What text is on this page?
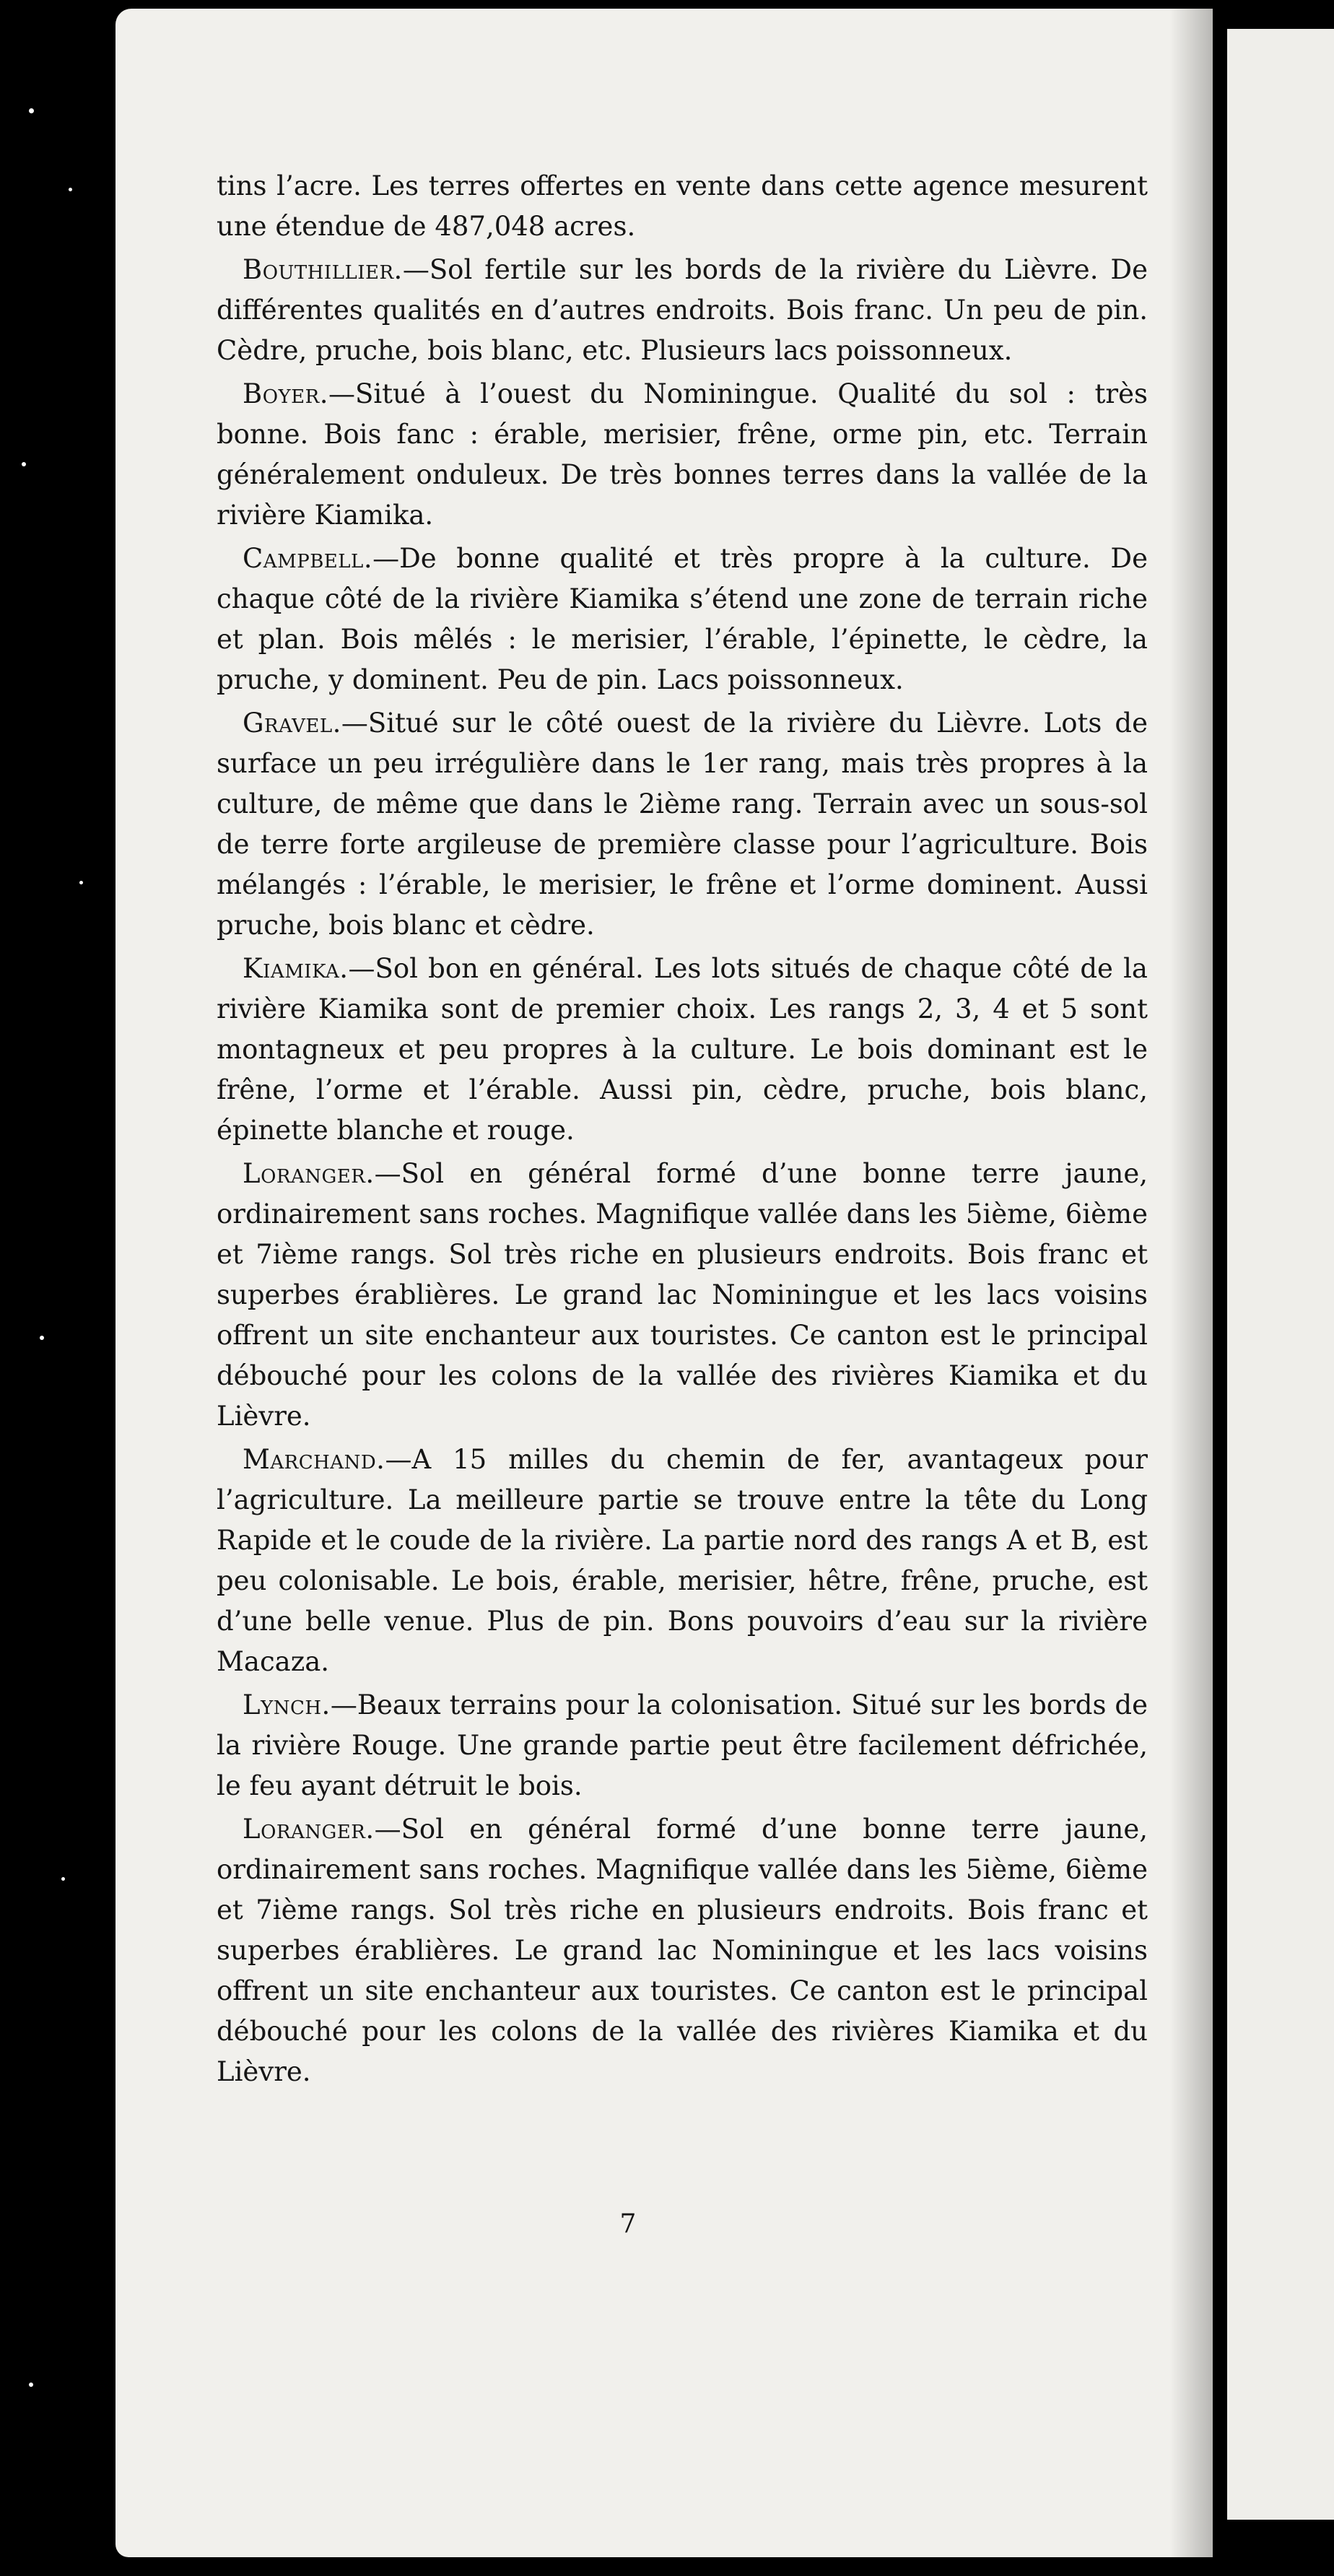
tins l’acre. Les terres offertes en vente dans cette agence mesurent une étendue de 487,048 acres.

Bouthillier.—Sol fertile sur les bords de la rivière du Lièvre. De différentes qualités en d’autres endroits. Bois franc. Un peu de pin. Cèdre, pruche, bois blanc, etc. Plusieurs lacs poissonneux.

Boyer.—Situé à l’ouest du Nominingue. Qualité du sol : très bonne. Bois fanc : érable, merisier, frêne, orme pin, etc. Terrain généralement onduleux. De très bonnes terres dans la vallée de la rivière Kiamika.

Campbell.—De bonne qualité et très propre à la culture. De chaque côté de la rivière Kiamika s’étend une zone de terrain riche et plan. Bois mêlés : le merisier, l’érable, l’épinette, le cèdre, la pruche, y dominent. Peu de pin. Lacs poissonneux.

Gravel.—Situé sur le côté ouest de la rivière du Lièvre. Lots de surface un peu irrégulière dans le 1er rang, mais très propres à la culture, de même que dans le 2ième rang. Terrain avec un sous-sol de terre forte argileuse de première classe pour l’agriculture. Bois mélangés : l’érable, le merisier, le frêne et l’orme dominent. Aussi pruche, bois blanc et cèdre.

Kiamika.—Sol bon en général. Les lots situés de chaque côté de la rivière Kiamika sont de premier choix. Les rangs 2, 3, 4 et 5 sont montagneux et peu propres à la culture. Le bois dominant est le frêne, l’orme et l’érable. Aussi pin, cèdre, pruche, bois blanc, épinette blanche et rouge.

Loranger.—Sol en général formé d’une bonne terre jaune, ordinairement sans roches. Magnifique vallée dans les 5ième, 6ième et 7ième rangs. Sol très riche en plusieurs endroits. Bois franc et superbes érablières. Le grand lac Nominingue et les lacs voisins offrent un site enchanteur aux touristes. Ce canton est le principal débouché pour les colons de la vallée des rivières Kiamika et du Lièvre.

Marchand.—A 15 milles du chemin de fer, avantageux pour l’agriculture. La meilleure partie se trouve entre la tête du Long Rapide et le coude de la rivière. La partie nord des rangs A et B, est peu colonisable. Le bois, érable, merisier, hêtre, frêne, pruche, est d’une belle venue. Plus de pin. Bons pouvoirs d’eau sur la rivière Macaza.

Lynch.—Beaux terrains pour la colonisation. Situé sur les bords de la rivière Rouge. Une grande partie peut être facilement défrichée, le feu ayant détruit le bois.

Loranger.—Sol en général formé d’une bonne terre jaune, ordinairement sans roches. Magnifique vallée dans les 5ième, 6ième et 7ième rangs. Sol très riche en plusieurs endroits. Bois franc et superbes érablières. Le grand lac Nominingue et les lacs voisins offrent un site enchanteur aux touristes. Ce canton est le principal débouché pour les colons de la vallée des rivières Kiamika et du Lièvre.

7
